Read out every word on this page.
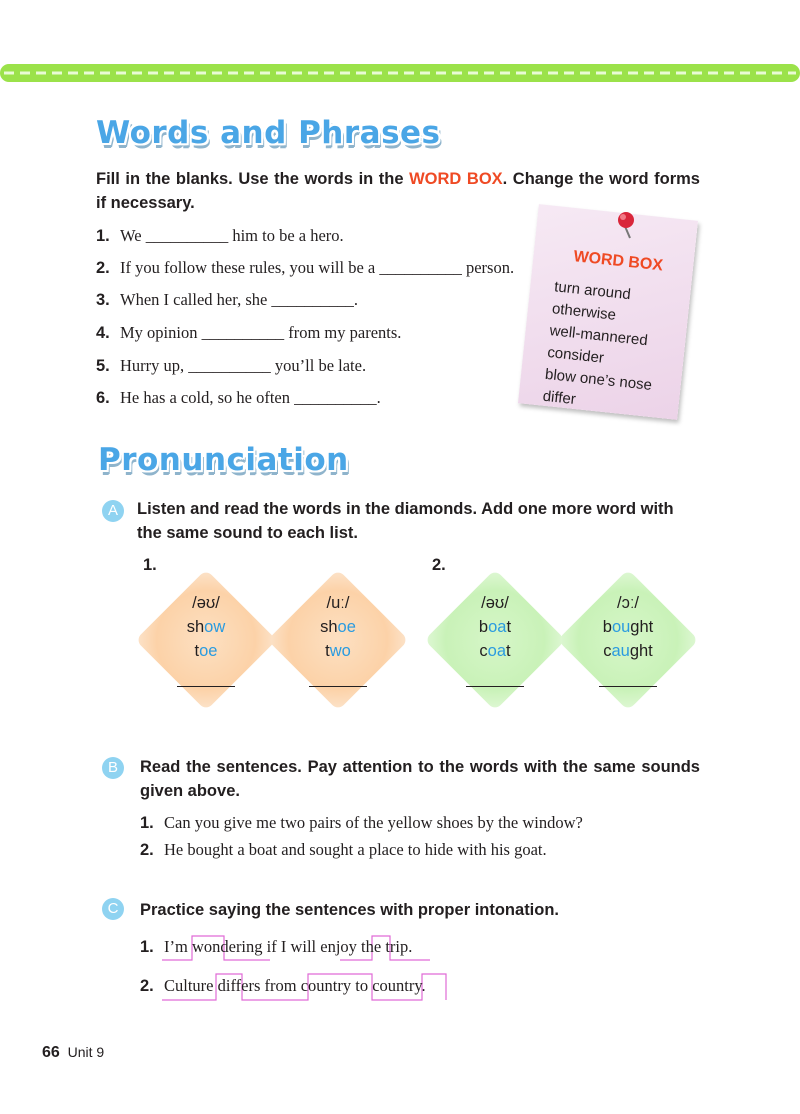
Words and Phrases
Fill in the blanks. Use the words in the WORD BOX. Change the word forms if necessary.
1. We __________ him to be a hero.
2. If you follow these rules, you will be a __________ person.
3. When I called her, she __________.
4. My opinion __________ from my parents.
5. Hurry up, __________ you’ll be late.
6. He has a cold, so he often __________.
WORD BOX
turn around
otherwise
well-mannered
consider
blow one’s nose
differ
Pronunciation
A	Listen and read the words in the diamonds. Add one more word with the same sound to each list.
1.	2.
/əʊ/
show
toe
/uː/
shoe
two
/əʊ/
boat
coat
/ɔː/
bought
caught
B	Read the sentences. Pay attention to the words with the same sounds given above.
1. Can you give me two pairs of the yellow shoes by the window?
2. He bought a boat and sought a place to hide with his goat.
C	Practice saying the sentences with proper intonation.
1. I’m wondering if I will enjoy the trip.
2. Culture differs from country to country.
66 Unit 9
